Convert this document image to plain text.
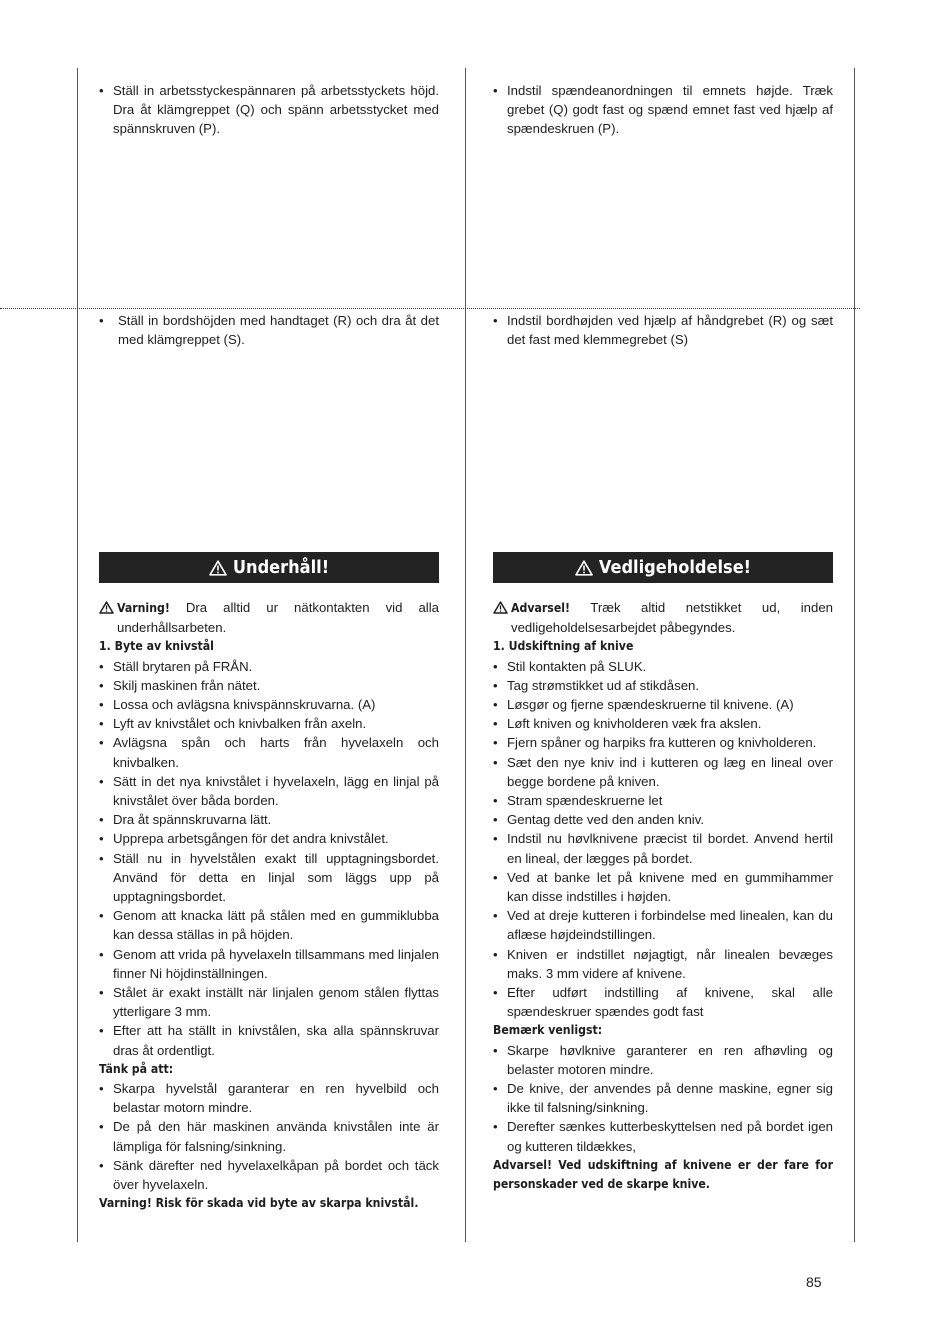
• Ställ in arbetsstyckespännaren på arbetsstyckets höjd. Dra åt klämgreppet (Q) och spänn arbetsstycket med spännskruven (P).
• Ställ in bordshöjden med handtaget (R) och dra åt det med klämgreppet (S).
Underhåll!

Varning! Dra alltid ur nätkontakten vid alla underhållsarbeten.

1. Byte av knivstål
• Ställ brytaren på FRÅN.
• Skilj maskinen från nätet.
• Lossa och avlägsna knivspännskruvarna. (A)
• Lyft av knivstålet och knivbalken från axeln.
• Avlägsna spån och harts från hyvelaxeln och knivbalken.
• Sätt in det nya knivstålet i hyvelaxeln, lägg en linjal på knivstålet över båda borden.
• Dra åt spännskruvarna lätt.
• Upprepa arbetsgången för det andra knivstålet.
• Ställ nu in hyvelstålen exakt till upptagningsbordet. Använd för detta en linjal som läggs upp på upptagningsbordet.
• Genom att knacka lätt på stålen med en gummiklubba kan dessa ställas in på höjden.
• Genom att vrida på hyvelaxeln tillsammans med linjalen finner Ni höjdinställningen.
• Stålet är exakt inställt när linjalen genom stålen flyttas ytterligare 3 mm.
• Efter att ha ställt in knivstålen, ska alla spännskruvar dras åt ordentligt.
Tänk på att:
• Skarpa hyvelstål garanterar en ren hyvelbild och belastar motorn mindre.
• De på den här maskinen använda knivstålen inte är lämpliga för falsning/sinkning.
• Sänk därefter ned hyvelaxelkåpan på bordet och täck över hyvelaxeln.

Varning! Risk för skada vid byte av skarpa knivstål.

• Indstil spændeanordningen til emnets højde. Træk grebet (Q) godt fast og spænd emnet fast ved hjælp af spændeskruen (P).
• Indstil bordhøjden ved hjælp af håndgrebet (R) og sæt det fast med klemmegrebet (S)
Vedligeholdelse!

Advarsel! Træk altid netstikket ud, inden vedligeholdelsesarbejdet påbegyndes.

1. Udskiftning af knive
• Stil kontakten på SLUK.
• Tag strømstikket ud af stikdåsen.
• Løsgør og fjerne spændeskruerne til knivene. (A)
• Løft kniven og knivholderen væk fra akslen.
• Fjern spåner og harpiks fra kutteren og knivholderen.
• Sæt den nye kniv ind i kutteren og læg en lineal over begge bordene på kniven.
• Stram spændeskruerne let
• Gentag dette ved den anden kniv.
• Indstil nu høvlknivene præcist til bordet. Anvend hertil en lineal, der lægges på bordet.
• Ved at banke let på knivene med en gummihammer kan disse indstilles i højden.
• Ved at dreje kutteren i forbindelse med linealen, kan du aflæse højdeindstillingen.
• Kniven er indstillet nøjagtigt, når linealen bevæges maks. 3 mm videre af knivene.
• Efter udført indstilling af knivene, skal alle spændeskruer spændes godt fast
Bemærk venligst:
• Skarpe høvlknive garanterer en ren afhøvling og belaster motoren mindre.
• De knive, der anvendes på denne maskine, egner sig ikke til falsning/sinkning.
• Derefter sænkes kutterbeskyttelsen ned på bordet igen og kutteren tildækkes,

Advarsel! Ved udskiftning af knivene er der fare for personskader ved de skarpe knive.

85
